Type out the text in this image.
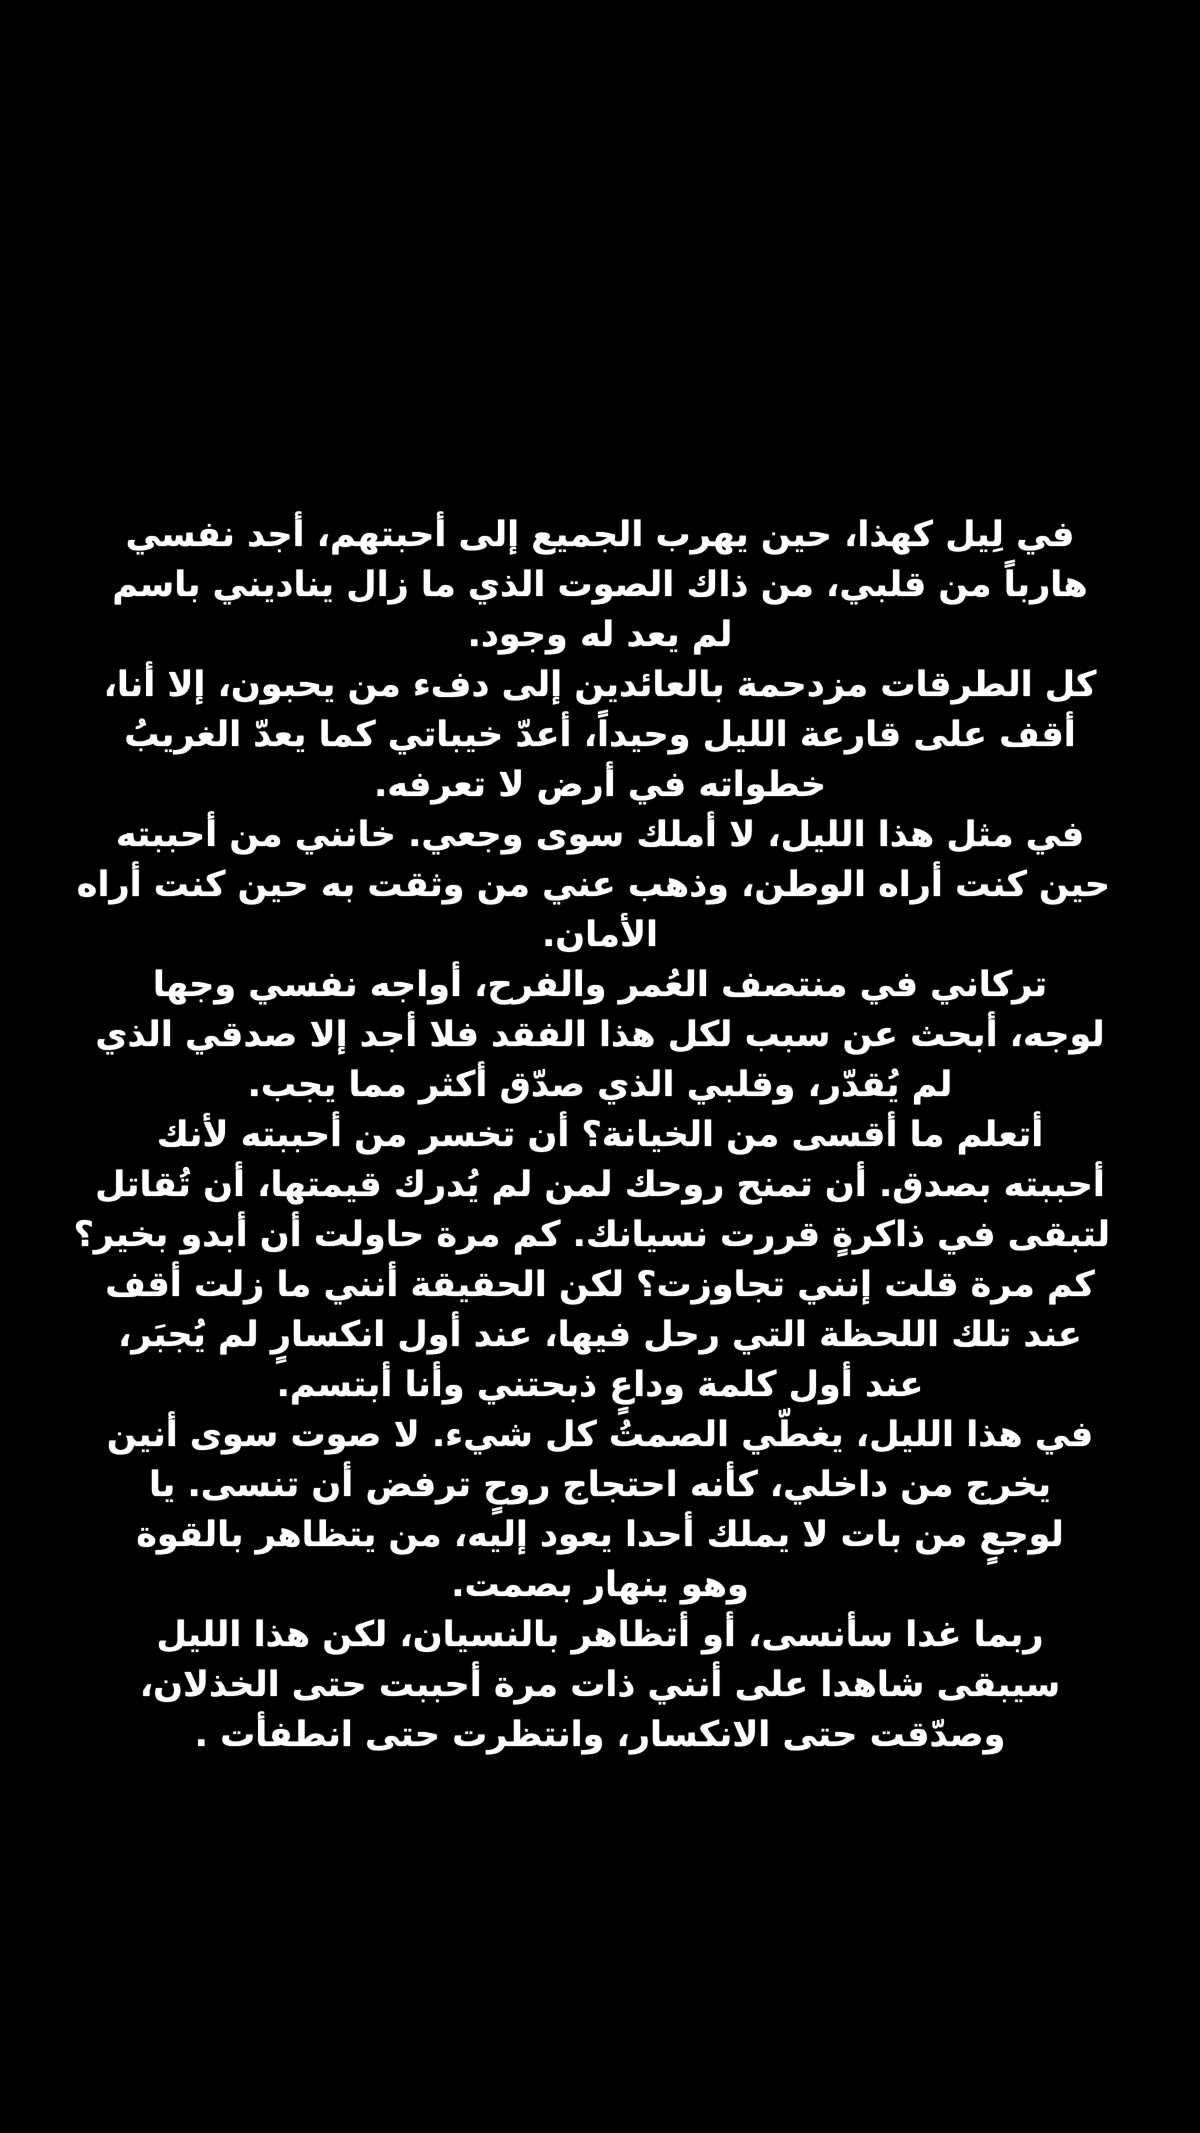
في لِيل كهذا، حين يهرب الجميع إلى أحبتهم، أجد نفسي
هارباً من قلبي، من ذاك الصوت الذي ما زال يناديني باسم
لم يعد له وجود.
كل الطرقات مزدحمة بالعائدين إلى دفء من يحبون، إلا أنا،
أقف على قارعة الليل وحيداً، أعدّ خيباتي كما يعدّ الغريبُ
خطواته في أرض لا تعرفه.
في مثل هذا الليل، لا أملك سوى وجعي. خانني من أحببته
حين كنت أراه الوطن، وذهب عني من وثقت به حين كنت أراه
الأمان.
تركاني في منتصف العُمر والفرح، أواجه نفسي وجها
لوجه، أبحث عن سبب لكل هذا الفقد فلا أجد إلا صدقي الذي
لم يُقدّر، وقلبي الذي صدّق أكثر مما يجب.
أتعلم ما أقسى من الخيانة؟ أن تخسر من أحببته لأنك
أحببته بصدق. أن تمنح روحك لمن لم يُدرك قيمتها، أن تُقاتل
لتبقى في ذاكرةٍ قررت نسيانك. كم مرة حاولت أن أبدو بخير؟
كم مرة قلت إنني تجاوزت؟ لكن الحقيقة أنني ما زلت أقف
عند تلك اللحظة التي رحل فيها، عند أول انكسارٍ لم يُجبَر،
عند أول كلمة وداعٍ ذبحتني وأنا أبتسم.
في هذا الليل، يغطّي الصمتُ كل شيء. لا صوت سوى أنين
يخرج من داخلي، كأنه احتجاج روحٍ ترفض أن تنسى. يا
لوجعٍ من بات لا يملك أحدا يعود إليه، من يتظاهر بالقوة
وهو ينهار بصمت.
ربما غدا سأنسى، أو أتظاهر بالنسيان، لكن هذا الليل
سيبقى شاهدا على أنني ذات مرة أحببت حتى الخذلان،
وصدّقت حتى الانكسار، وانتظرت حتى انطفأت .
